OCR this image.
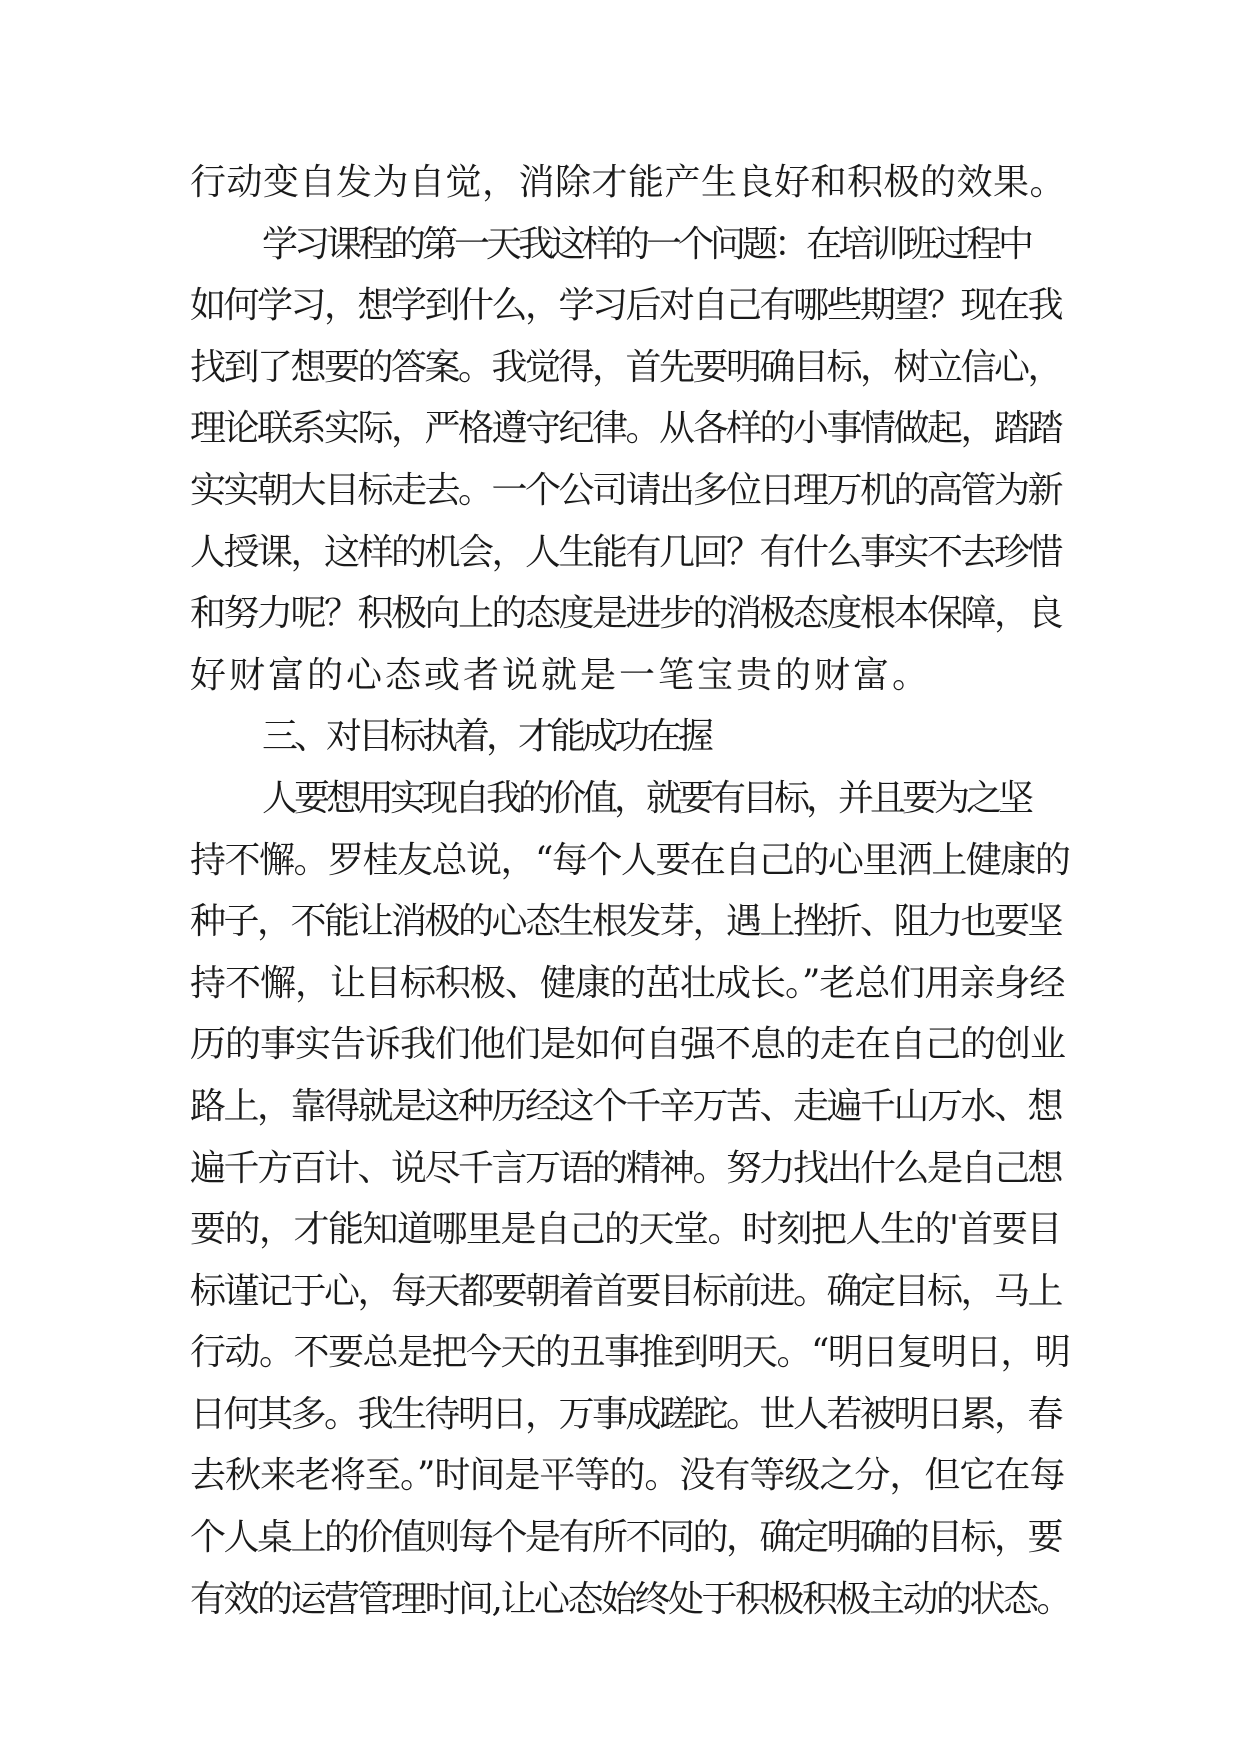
行动变自发为自觉，消除才能产生良好和积极的效果。
学习课程的第一天我这样的一个问题：在培训班过程中
如何学习，想学到什么，学习后对自己有哪些期望？现在我
找到了想要的答案。我觉得，首先要明确目标，树立信心，
理论联系实际，严格遵守纪律。从各样的小事情做起，踏踏
实实朝大目标走去。一个公司请出多位日理万机的高管为新
人授课，这样的机会，人生能有几回？有什么事实不去珍惜
和努力呢？积极向上的态度是进步的消极态度根本保障，良
好财富的心态或者说就是一笔宝贵的财富。
三、对目标执着，才能成功在握
人要想用实现自我的价值，就要有目标，并且要为之坚
持不懈。罗桂友总说，“每个人要在自己的心里洒上健康的
种子，不能让消极的心态生根发芽，遇上挫折、阻力也要坚
持不懈，让目标积极、健康的茁壮成长。”老总们用亲身经
历的事实告诉我们他们是如何自强不息的走在自己的创业
路上，靠得就是这种历经这个千辛万苦、走遍千山万水、想
遍千方百计、说尽千言万语的精神。努力找出什么是自己想
要的，才能知道哪里是自己的天堂。时刻把人生的'首要目
标谨记于心，每天都要朝着首要目标前进。确定目标，马上
行动。不要总是把今天的丑事推到明天。“明日复明日，明
日何其多。我生待明日，万事成蹉跎。世人若被明日累，春
去秋来老将至。”时间是平等的。没有等级之分，但它在每
个人桌上的价值则每个是有所不同的，确定明确的目标，要
有效的运营管理时间,让心态始终处于积极积极主动的状态。
